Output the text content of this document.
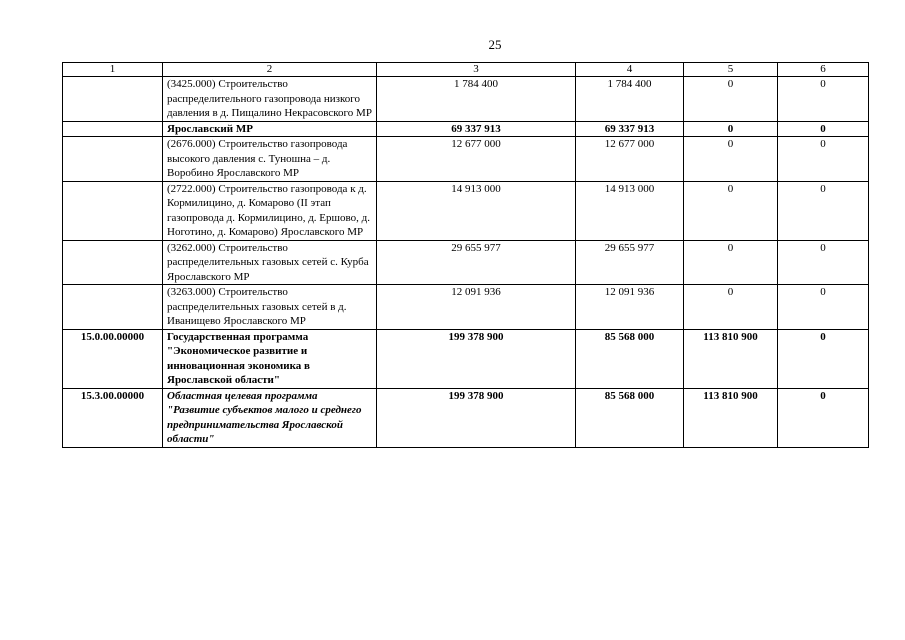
25
1	2	3	4	5	6
	(3425.000) Строительство распределительного газопровода низкого давления в д. Пищалино Некрасовского МР	1 784 400	1 784 400	0	0
	Ярославский МР	69 337 913	69 337 913	0	0
	(2676.000) Строительство газопровода высокого давления с. Туношна – д. Воробино Ярославского МР	12 677 000	12 677 000	0	0
	(2722.000) Строительство газопровода к д. Кормилицино, д. Комарово (II этап газопровода д. Кормилицино, д. Ершово, д. Ноготино, д. Комарово) Ярославского МР	14 913 000	14 913 000	0	0
	(3262.000) Строительство распределительных газовых сетей с. Курба Ярославского МР	29 655 977	29 655 977	0	0
	(3263.000) Строительство распределительных газовых сетей в д. Иванищево Ярославского МР	12 091 936	12 091 936	0	0
15.0.00.00000	Государственная программа "Экономическое развитие и инновационная экономика в Ярославской области"	199 378 900	85 568 000	113 810 900	0
15.3.00.00000	Областная целевая программа "Развитие субъектов малого и среднего предпринимательства Ярославской области"	199 378 900	85 568 000	113 810 900	0
